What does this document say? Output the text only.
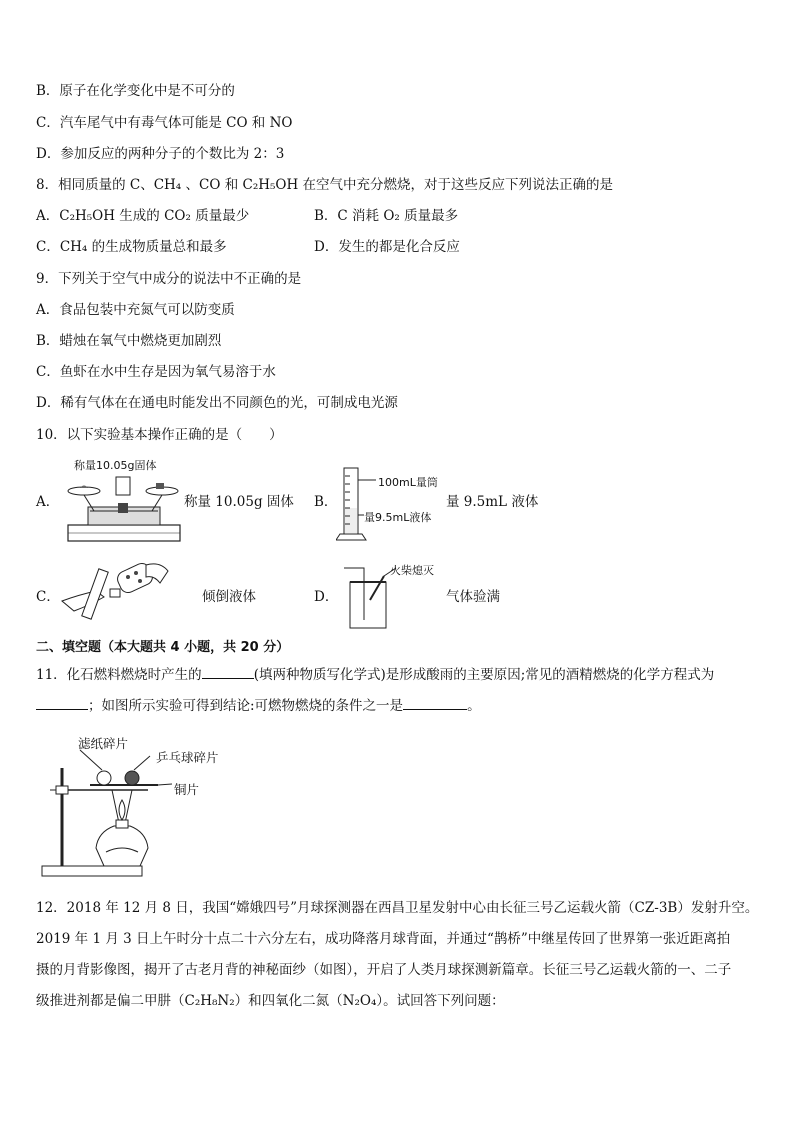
B．原子在化学变化中是不可分的
C．汽车尾气中有毒气体可能是 CO 和 NO
D．参加反应的两种分子的个数比为 2：3
8．相同质量的 C、CH₄ 、CO 和 C₂H₅OH 在空气中充分燃烧，对于这些反应下列说法正确的是
A．C₂H₅OH 生成的 CO₂ 质量最少	B．C 消耗 O₂ 质量最多
C．CH₄ 的生成物质量总和最多	D．发生的都是化合反应
9．下列关于空气中成分的说法中不正确的是
A．食品包装中充氮气可以防变质
B．蜡烛在氧气中燃烧更加剧烈
C．鱼虾在水中生存是因为氧气易溶于水
D．稀有气体在在通电时能发出不同颜色的光，可制成电光源
10．以下实验基本操作正确的是（　　）
A．
称量10.05g固体
称量 10.05g 固体 B．
100mL量筒
量9.5mL液体
量 9.5mL 液体
C．	倾倒液体	D．
火柴熄灭
气体验满
二、填空题（本大题共 4 小题，共 20 分）
11．化石燃料燃烧时产生的	(填两种物质写化学式)是形成酸雨的主要原因;常见的酒精燃烧的化学方程式为
；如图所示实验可得到结论:可燃物燃烧的条件之一是	。
滤纸碎片
乒乓球碎片
铜片
12．2018 年 12 月 8 日，我国“嫦娥四号”月球探测器在西昌卫星发射中心由长征三号乙运载火箭（CZ-3B）发射升空。
2019 年 1 月 3 日上午时分十点二十六分左右，成功降落月球背面，并通过“鹊桥”中继星传回了世界第一张近距离拍
摄的月背影像图，揭开了古老月背的神秘面纱（如图），开启了人类月球探测新篇章。长征三号乙运载火箭的一、二子
级推进剂都是偏二甲肼（C₂H₈N₂）和四氧化二氮（N₂O₄）。试回答下列问题：
